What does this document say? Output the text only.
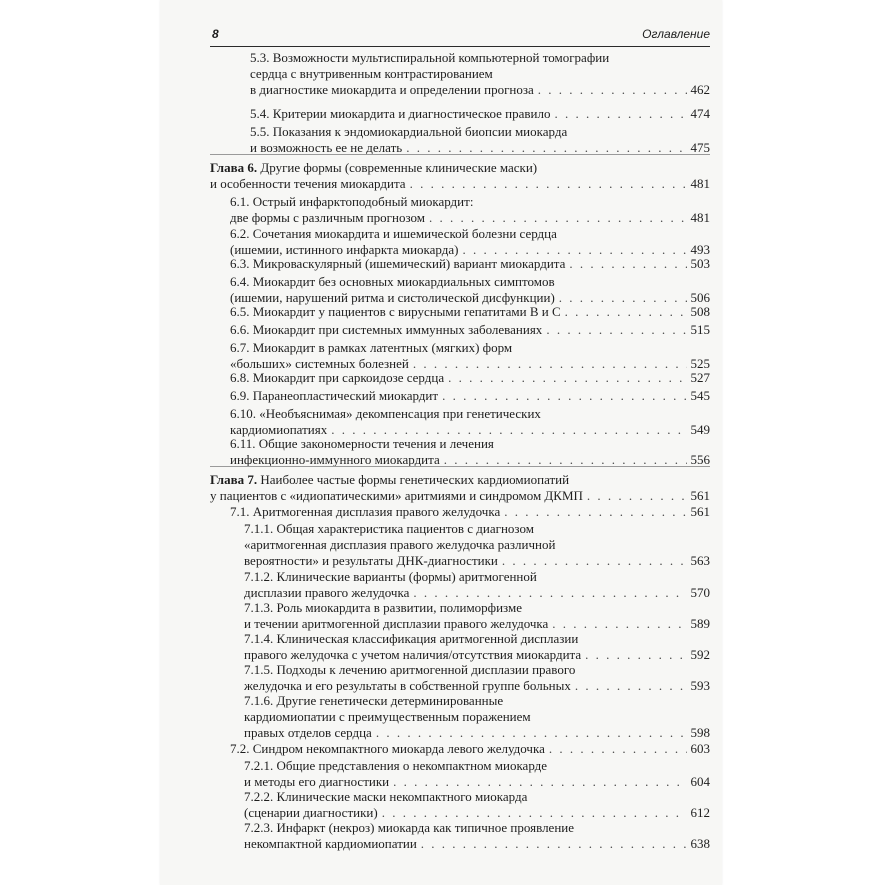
8	Оглавление
5.3. Возможности мультиспиральной компьютерной томографии
сердца с внутривенным контрастированием
в диагностике миокардита и определении прогноза . . .	462
5.4. Критерии миокардита и диагностическое правило . . .	474
5.5. Показания к эндомиокардиальной биопсии миокарда
и возможность ее не делать . . .	475
Глава 6. Другие формы (современные клинические маски)
и особенности течения миокардита . . .	481
6.1. Острый инфарктоподобный миокардит:
две формы с различным прогнозом . . .	481
6.2. Сочетания миокардита и ишемической болезни сердца
(ишемии, истинного инфаркта миокарда) . . .	493
6.3. Микроваскулярный (ишемический) вариант миокардита . . .	503
6.4. Миокардит без основных миокардиальных симптомов
(ишемии, нарушений ритма и систолической дисфункции) . . .	506
6.5. Миокардит у пациентов с вирусными гепатитами В и С . . .	508
6.6. Миокардит при системных иммунных заболеваниях . . .	515
6.7. Миокардит в рамках латентных (мягких) форм
«больших» системных болезней . . .	525
6.8. Миокардит при саркоидозе сердца . . .	527
6.9. Паранеопластический миокардит . . .	545
6.10. «Необъяснимая» декомпенсация при генетических
кардиомиопатиях . . .	549
6.11. Общие закономерности течения и лечения
инфекционно-иммунного миокардита . . .	556
Глава 7. Наиболее частые формы генетических кардиомиопатий
у пациентов с «идиопатическими» аритмиями и синдромом ДКМП . . .	561
7.1. Аритмогенная дисплазия правого желудочка . . .	561
7.1.1. Общая характеристика пациентов с диагнозом
«аритмогенная дисплазия правого желудочка различной
вероятности» и результаты ДНК-диагностики . . .	563
7.1.2. Клинические варианты (формы) аритмогенной
дисплазии правого желудочка . . .	570
7.1.3. Роль миокардита в развитии, полиморфизме
и течении аритмогенной дисплазии правого желудочка . . .	589
7.1.4. Клиническая классификация аритмогенной дисплазии
правого желудочка с учетом наличия/отсутствия миокардита . . .	592
7.1.5. Подходы к лечению аритмогенной дисплазии правого
желудочка и его результаты в собственной группе больных . . .	593
7.1.6. Другие генетически детерминированные
кардиомиопатии с преимущественным поражением
правых отделов сердца . . .	598
7.2. Синдром некомпактного миокарда левого желудочка . . .	603
7.2.1. Общие представления о некомпактном миокарде
и методы его диагностики . . .	604
7.2.2. Клинические маски некомпактного миокарда
(сценарии диагностики) . . .	612
7.2.3. Инфаркт (некроз) миокарда как типичное проявление
некомпактной кардиомиопатии . . .	638
